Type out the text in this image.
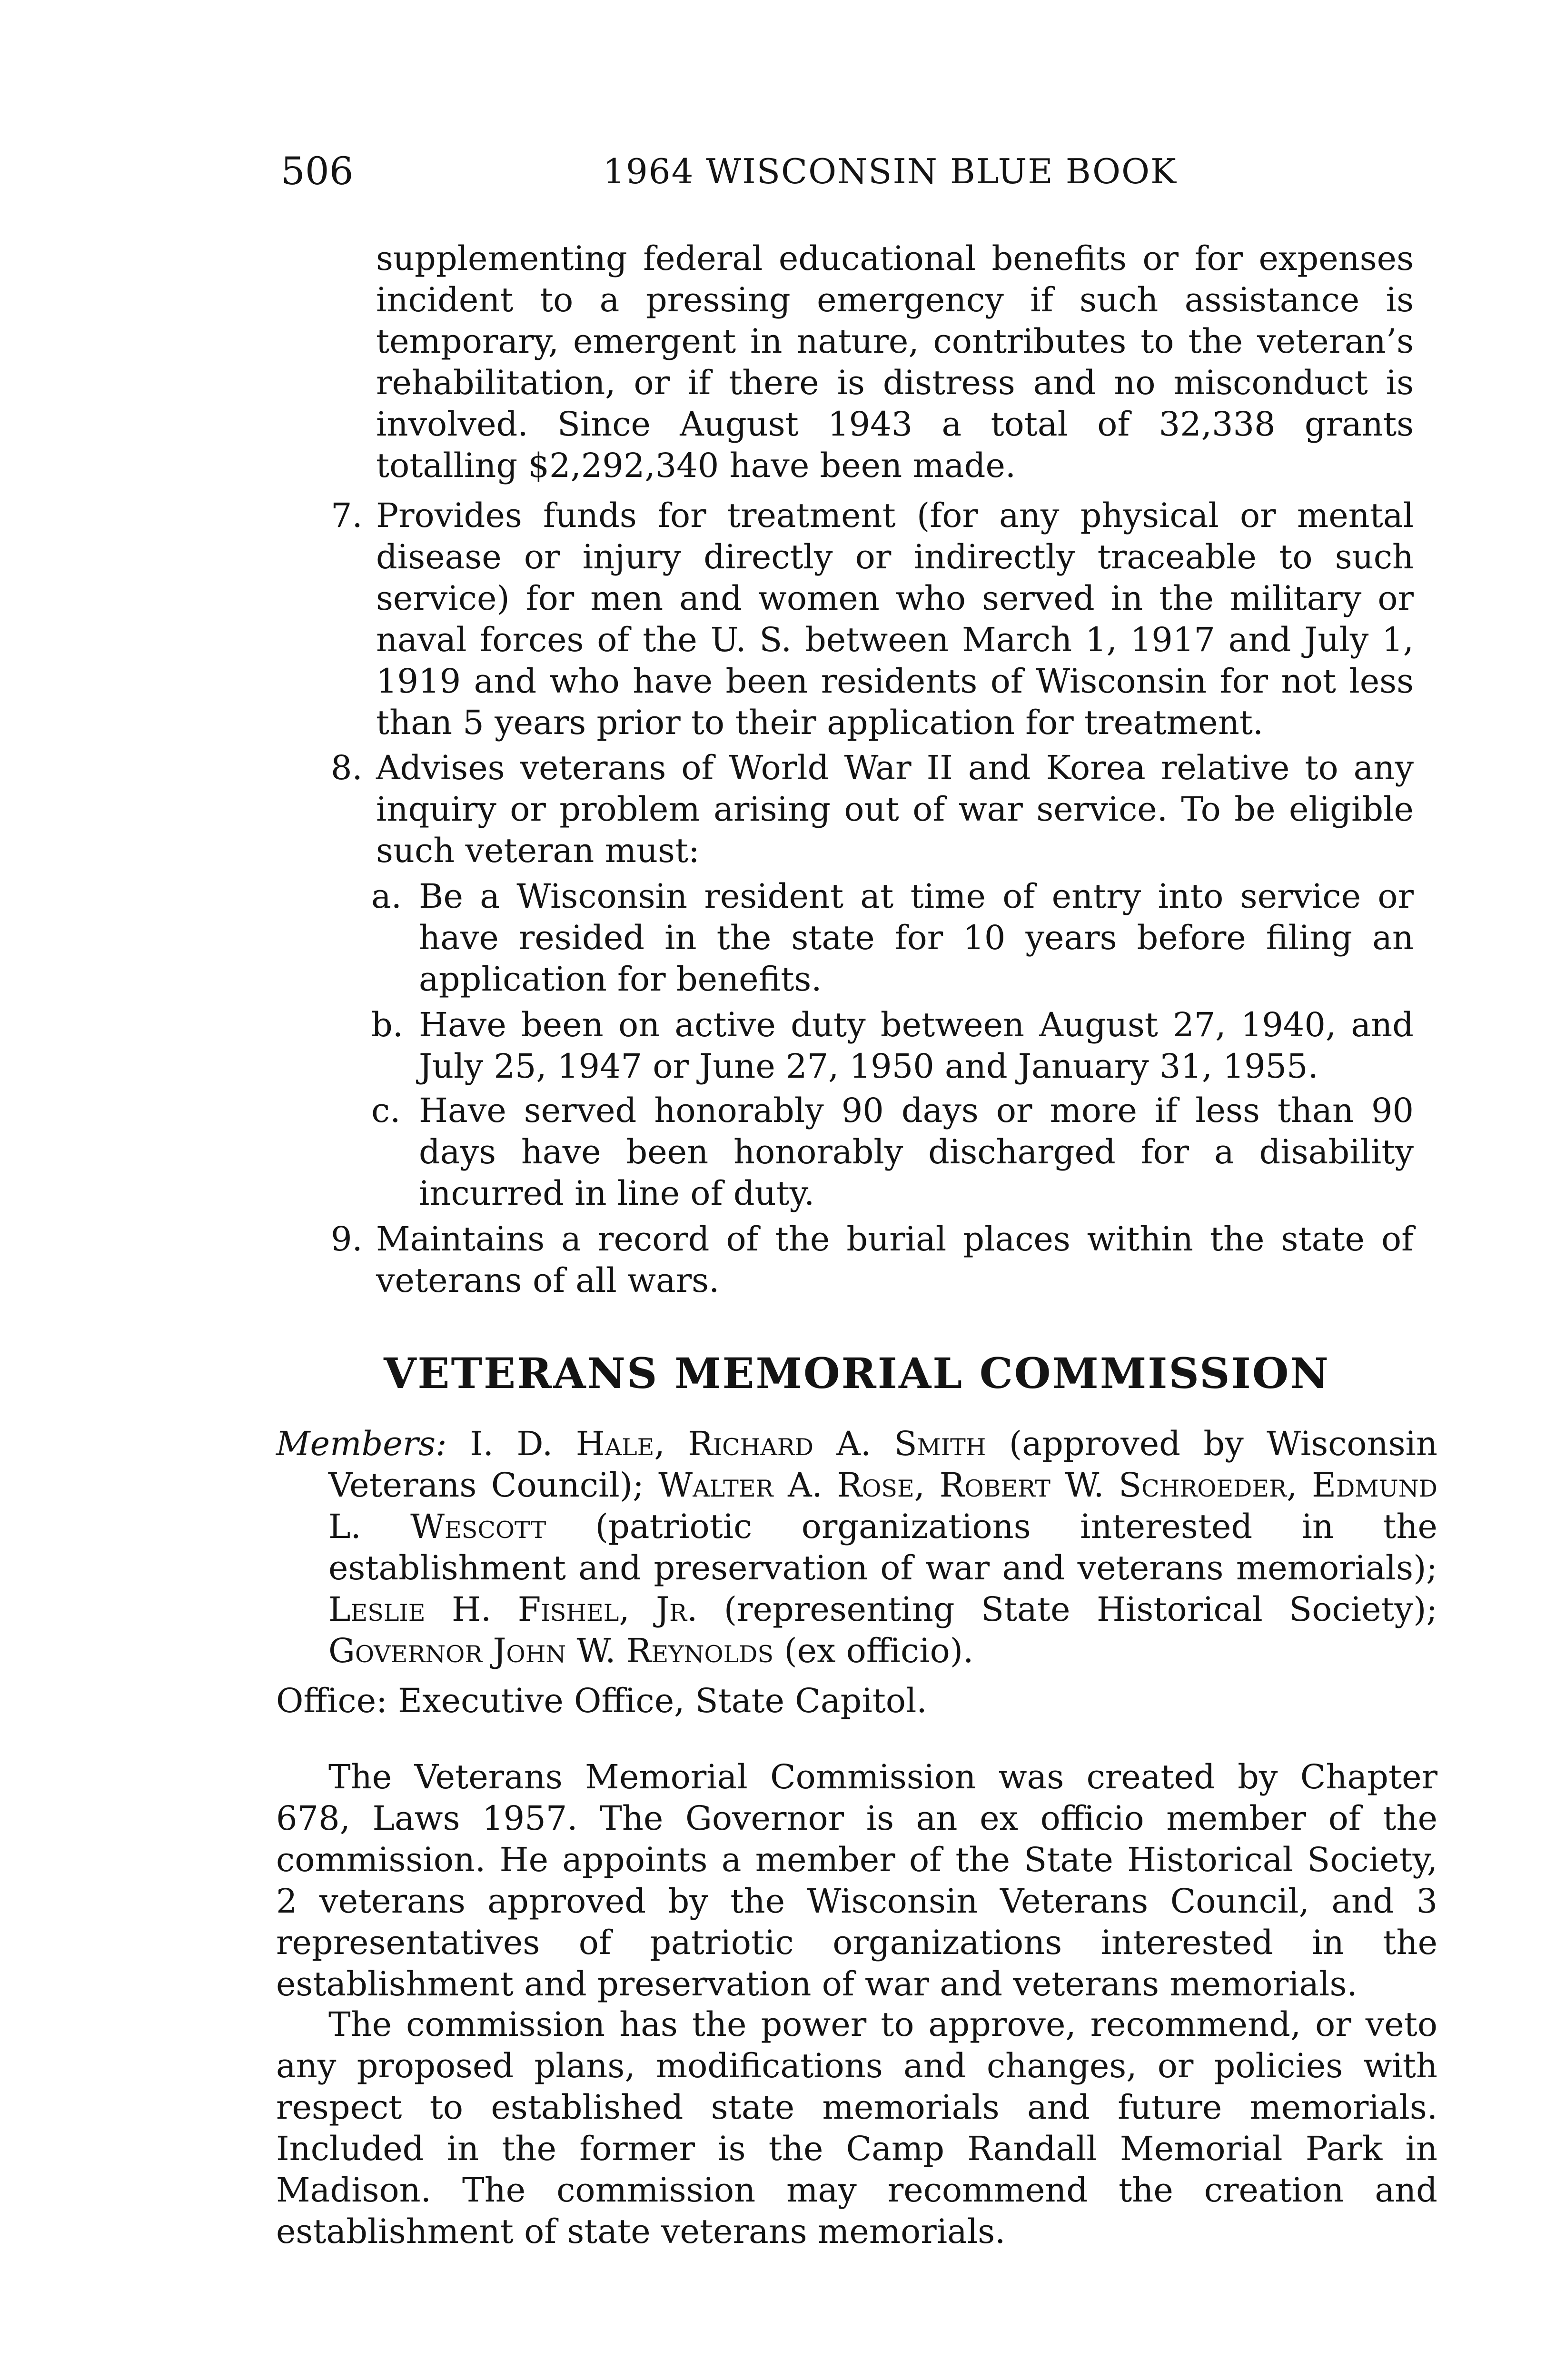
506	1964 WISCONSIN BLUE BOOK

supplementing federal educational benefits or for expenses incident to a pressing emergency if such assistance is temporary, emergent in nature, contributes to the veteran’s rehabilitation, or if there is distress and no misconduct is involved. Since August 1943 a total of 32,338 grants totalling $2,292,340 have been made.

7. Provides funds for treatment (for any physical or mental disease or injury directly or indirectly traceable to such service) for men and women who served in the military or naval forces of the U. S. between March 1, 1917 and July 1, 1919 and who have been residents of Wisconsin for not less than 5 years prior to their application for treatment.
8. Advises veterans of World War II and Korea relative to any inquiry or problem arising out of war service. To be eligible such veteran must:
a. Be a Wisconsin resident at time of entry into service or have resided in the state for 10 years before filing an application for benefits.
b. Have been on active duty between August 27, 1940, and July 25, 1947 or June 27, 1950 and January 31, 1955.
c. Have served honorably 90 days or more if less than 90 days have been honorably discharged for a disability incurred in line of duty.
9. Maintains a record of the burial places within the state of veterans of all wars.
VETERANS MEMORIAL COMMISSION
Members: I. D. Hale, Richard A. Smith (approved by Wisconsin Veterans Council); Walter A. Rose, Robert W. Schroeder, Edmund L. Wescott (patriotic organizations interested in the establishment and preservation of war and veterans memorials); Leslie H. Fishel, Jr. (representing State Historical Society); Governor John W. Reynolds (ex officio).
Office: Executive Office, State Capitol.

The Veterans Memorial Commission was created by Chapter 678, Laws 1957. The Governor is an ex officio member of the commission. He appoints a member of the State Historical Society, 2 veterans approved by the Wisconsin Veterans Council, and 3 representatives of patriotic organizations interested in the establishment and preservation of war and veterans memorials.

The commission has the power to approve, recommend, or veto any proposed plans, modifications and changes, or policies with respect to established state memorials and future memorials. Included in the former is the Camp Randall Memorial Park in Madison. The commission may recommend the creation and establishment of state veterans memorials.
